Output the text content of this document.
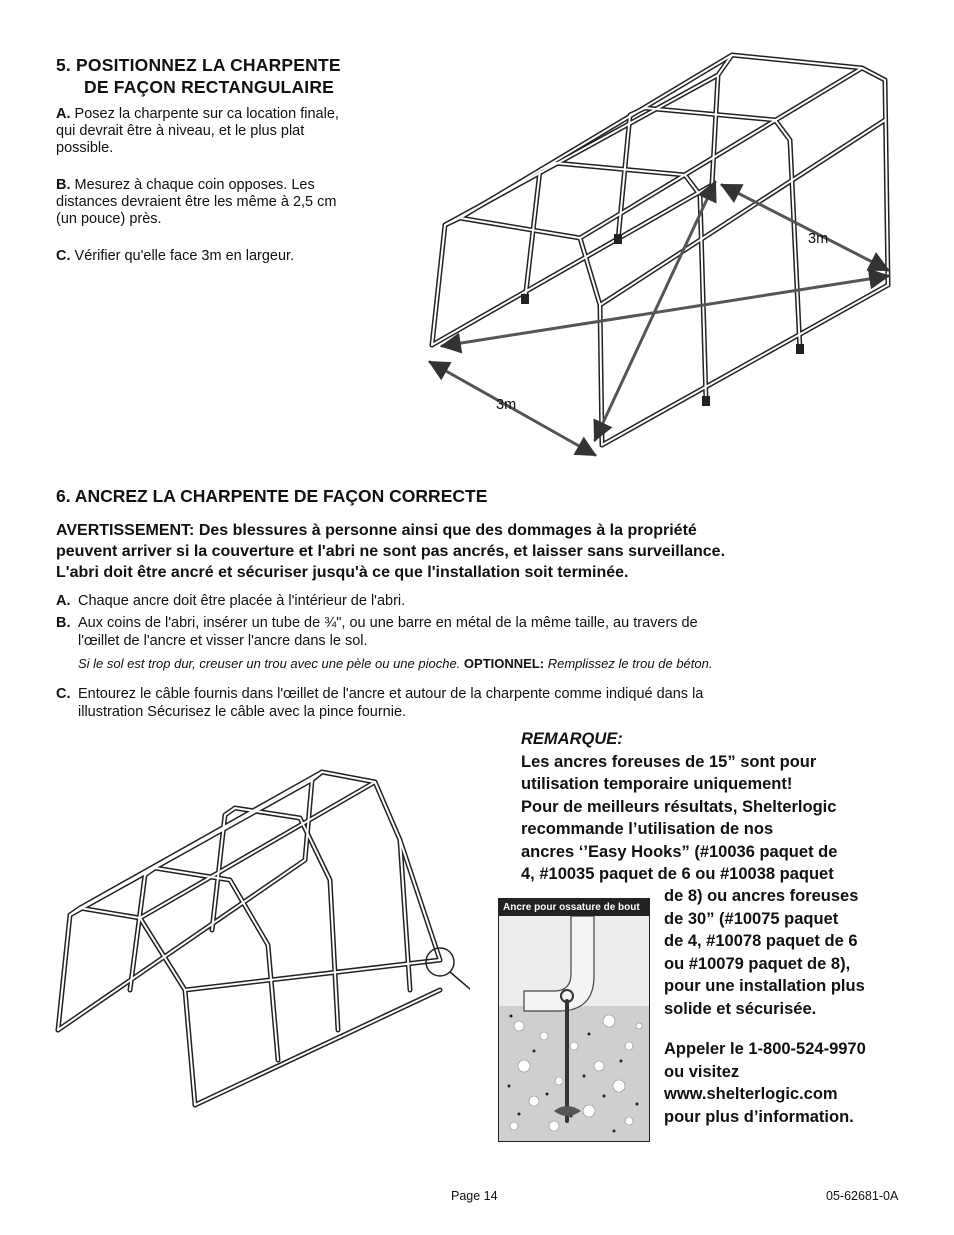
5. POSITIONNEZ LA CHARPENTE
DE FAÇON RECTANGULAIRE
A. Posez la charpente sur ca location finale,
qui devrait être à niveau, et le plus plat
possible.
B. Mesurez à chaque coin opposes. Les
distances devraient être les même à 2,5 cm
(un pouce) près.
C. Vérifier qu'elle face 3m en largeur.
3m
3m
6. ANCREZ LA CHARPENTE DE FAÇON CORRECTE
AVERTISSEMENT: Des blessures à personne ainsi que des dommages à la propriété
peuvent arriver si la couverture et l'abri ne sont pas ancrés, et laisser sans surveillance.
L'abri doit être ancré et sécuriser jusqu'à ce que l'installation soit terminée.
A. Chaque ancre doit être placée à l'intérieur de l'abri.
B. Aux coins de l'abri, insérer un tube de ¾", ou une barre en métal de la même taille, au travers de
l'œillet de l'ancre et visser l'ancre dans le sol.
Si le sol est trop dur, creuser un trou avec une pèle ou une pioche. OPTIONNEL: Remplissez le trou de béton.
C. Entourez le câble fournis dans l'œillet de l'ancre et autour de la charpente comme indiqué dans la
illustration Sécurisez le câble avec la pince fournie.
REMARQUE:
Les ancres foreuses de 15” sont pour
utilisation temporaire uniquement!
Pour de meilleurs résultats, Shelterlogic
recommande l’utilisation de nos
ancres ‘’Easy Hooks” (#10036 paquet de
4, #10035 paquet de 6 ou #10038 paquet
de 8) ou ancres foreuses
de 30” (#10075 paquet
de 4, #10078 paquet de 6
ou #10079 paquet de 8),
pour une installation plus
solide et sécurisée.
Appeler le 1-800-524-9970
ou visitez
www.shelterlogic.com
pour plus d’information.
Ancre pour ossature de bout
Page 14	05-62681-0A
